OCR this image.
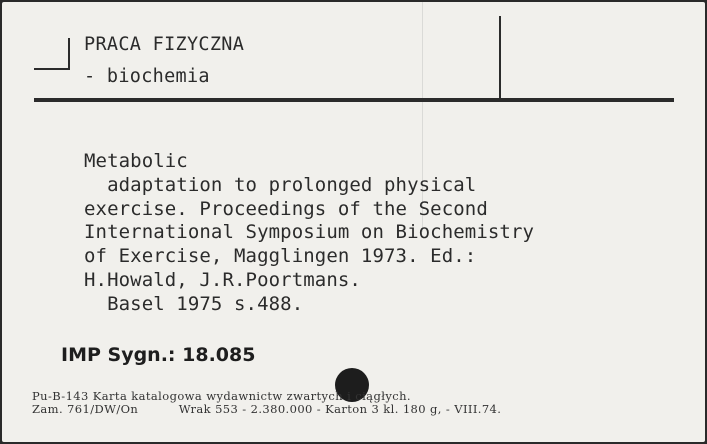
PRACA FIZYCZNA
- biochemia
Metabolic
adaptation to prolonged physical
exercise. Proceedings of the Second
International Symposium on Biochemistry
of Exercise, Magglingen 1973. Ed.:
H.Howald, J.R.Poortmans.
Basel 1975 s.488.
IMP Sygn.: 18.085
Pu-B-143 Karta katalogowa wydawnictw zwartych i ciągłych.
Zam. 761/DW/On          Wrak 553 - 2.380.000 - Karton 3 kl. 180 g, - VIII.74.
